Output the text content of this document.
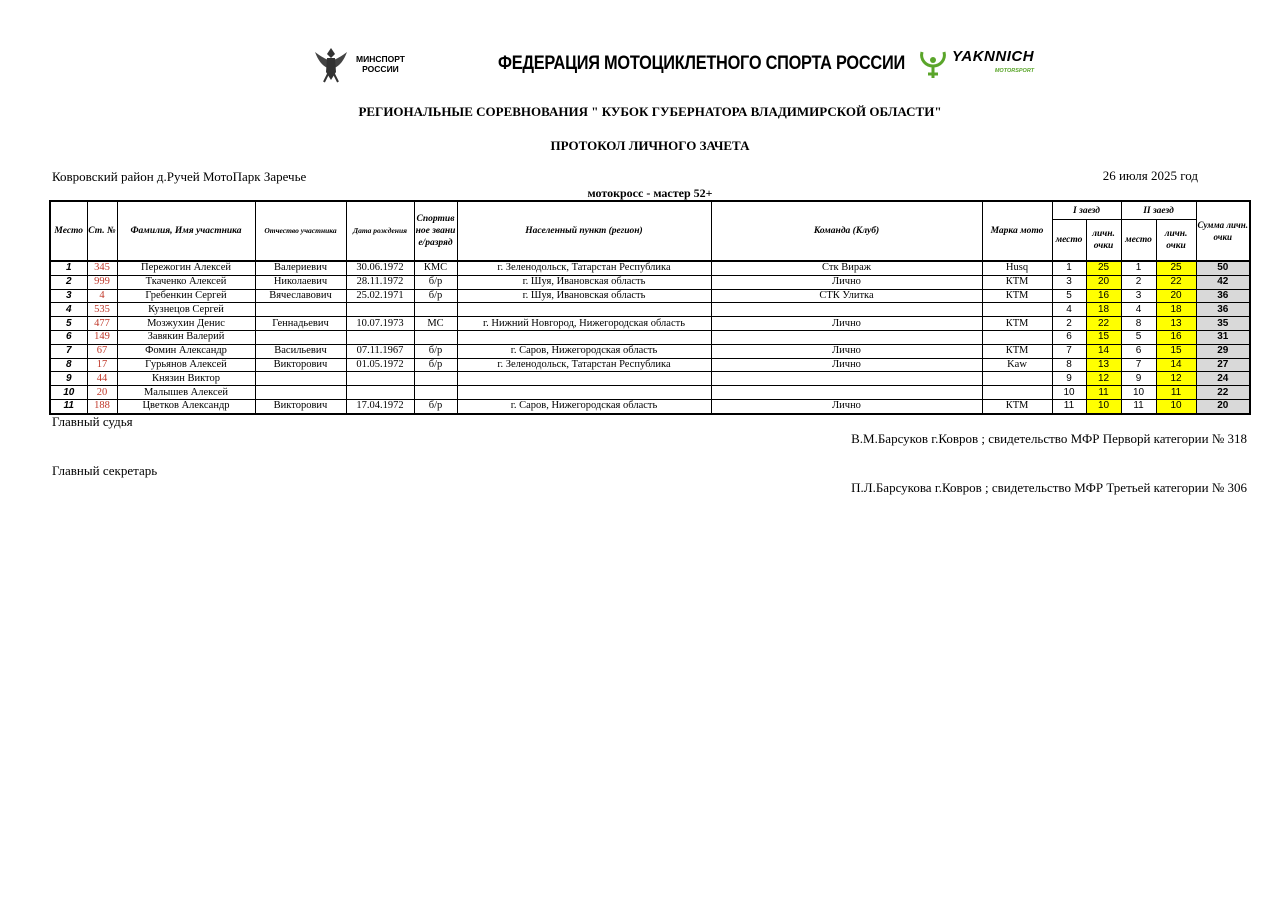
МИНСПОРТ
РОССИИ	ФЕДЕРАЦИЯ МОТОЦИКЛЕТНОГО СПОРТА РОССИИ	YAKNNICH
MOTORSPORT
РЕГИОНАЛЬНЫЕ СОРЕВНОВАНИЯ " КУБОК ГУБЕРНАТОРА ВЛАДИМИРСКОЙ ОБЛАСТИ"
ПРОТОКОЛ ЛИЧНОГО ЗАЧЕТА
Ковровский район д.Ручей МотоПарк Заречье	26 июля 2025 год
мотокросс - мастер 52+
Место	Ст. №	Фамилия, Имя участника	Отчество участника	Дата рождения	Спортивное звание/разряд	Населенный пункт (регион)	Команда (Клуб)	Марка мото	I заезд		II заезд		Сумма личн. очки
									место	личн. очки	место	личн. очки	
1	345	Пережогин Алексей	Валериевич	30.06.1972	КМС	г. Зеленодольск, Татарстан Республика	Стк Вираж	Husq	1	25	1	25	50
2	999	Ткаченко Алексей	Николаевич	28.11.1972	б/р	г. Шуя, Ивановская область	Лично	КТМ	3	20	2	22	42
3	4	Гребенкин Сергей	Вячеславович	25.02.1971	б/р	г. Шуя, Ивановская область	СТК Улитка	КТМ	5	16	3	20	36
4	535	Кузнецов Сергей							4	18	4	18	36
5	477	Мозжухин Денис	Геннадьевич	10.07.1973	МС	г. Нижний Новгород, Нижегородская область	Лично	КТМ	2	22	8	13	35
6	149	Завякин Валерий							6	15	5	16	31
7	67	Фомин Александр	Васильевич	07.11.1967	б/р	г. Саров, Нижегородская область	Лично	КТМ	7	14	6	15	29
8	17	Гурьянов Алексей	Викторович	01.05.1972	б/р	г. Зеленодольск, Татарстан Республика	Лично	Kaw	8	13	7	14	27
9	44	Князин Виктор							9	12	9	12	24
10	20	Малышев Алексей							10	11	10	11	22
11	188	Цветков Александр	Викторович	17.04.1972	б/р	г. Саров, Нижегородская область	Лично	КТМ	11	10	11	10	20
Главный судья
В.М.Барсуков г.Ковров ; свидетельство МФР Перворй категории № 318
Главный секретарь
П.Л.Барсукова г.Ковров ; свидетельство МФР Третьей категории № 306
